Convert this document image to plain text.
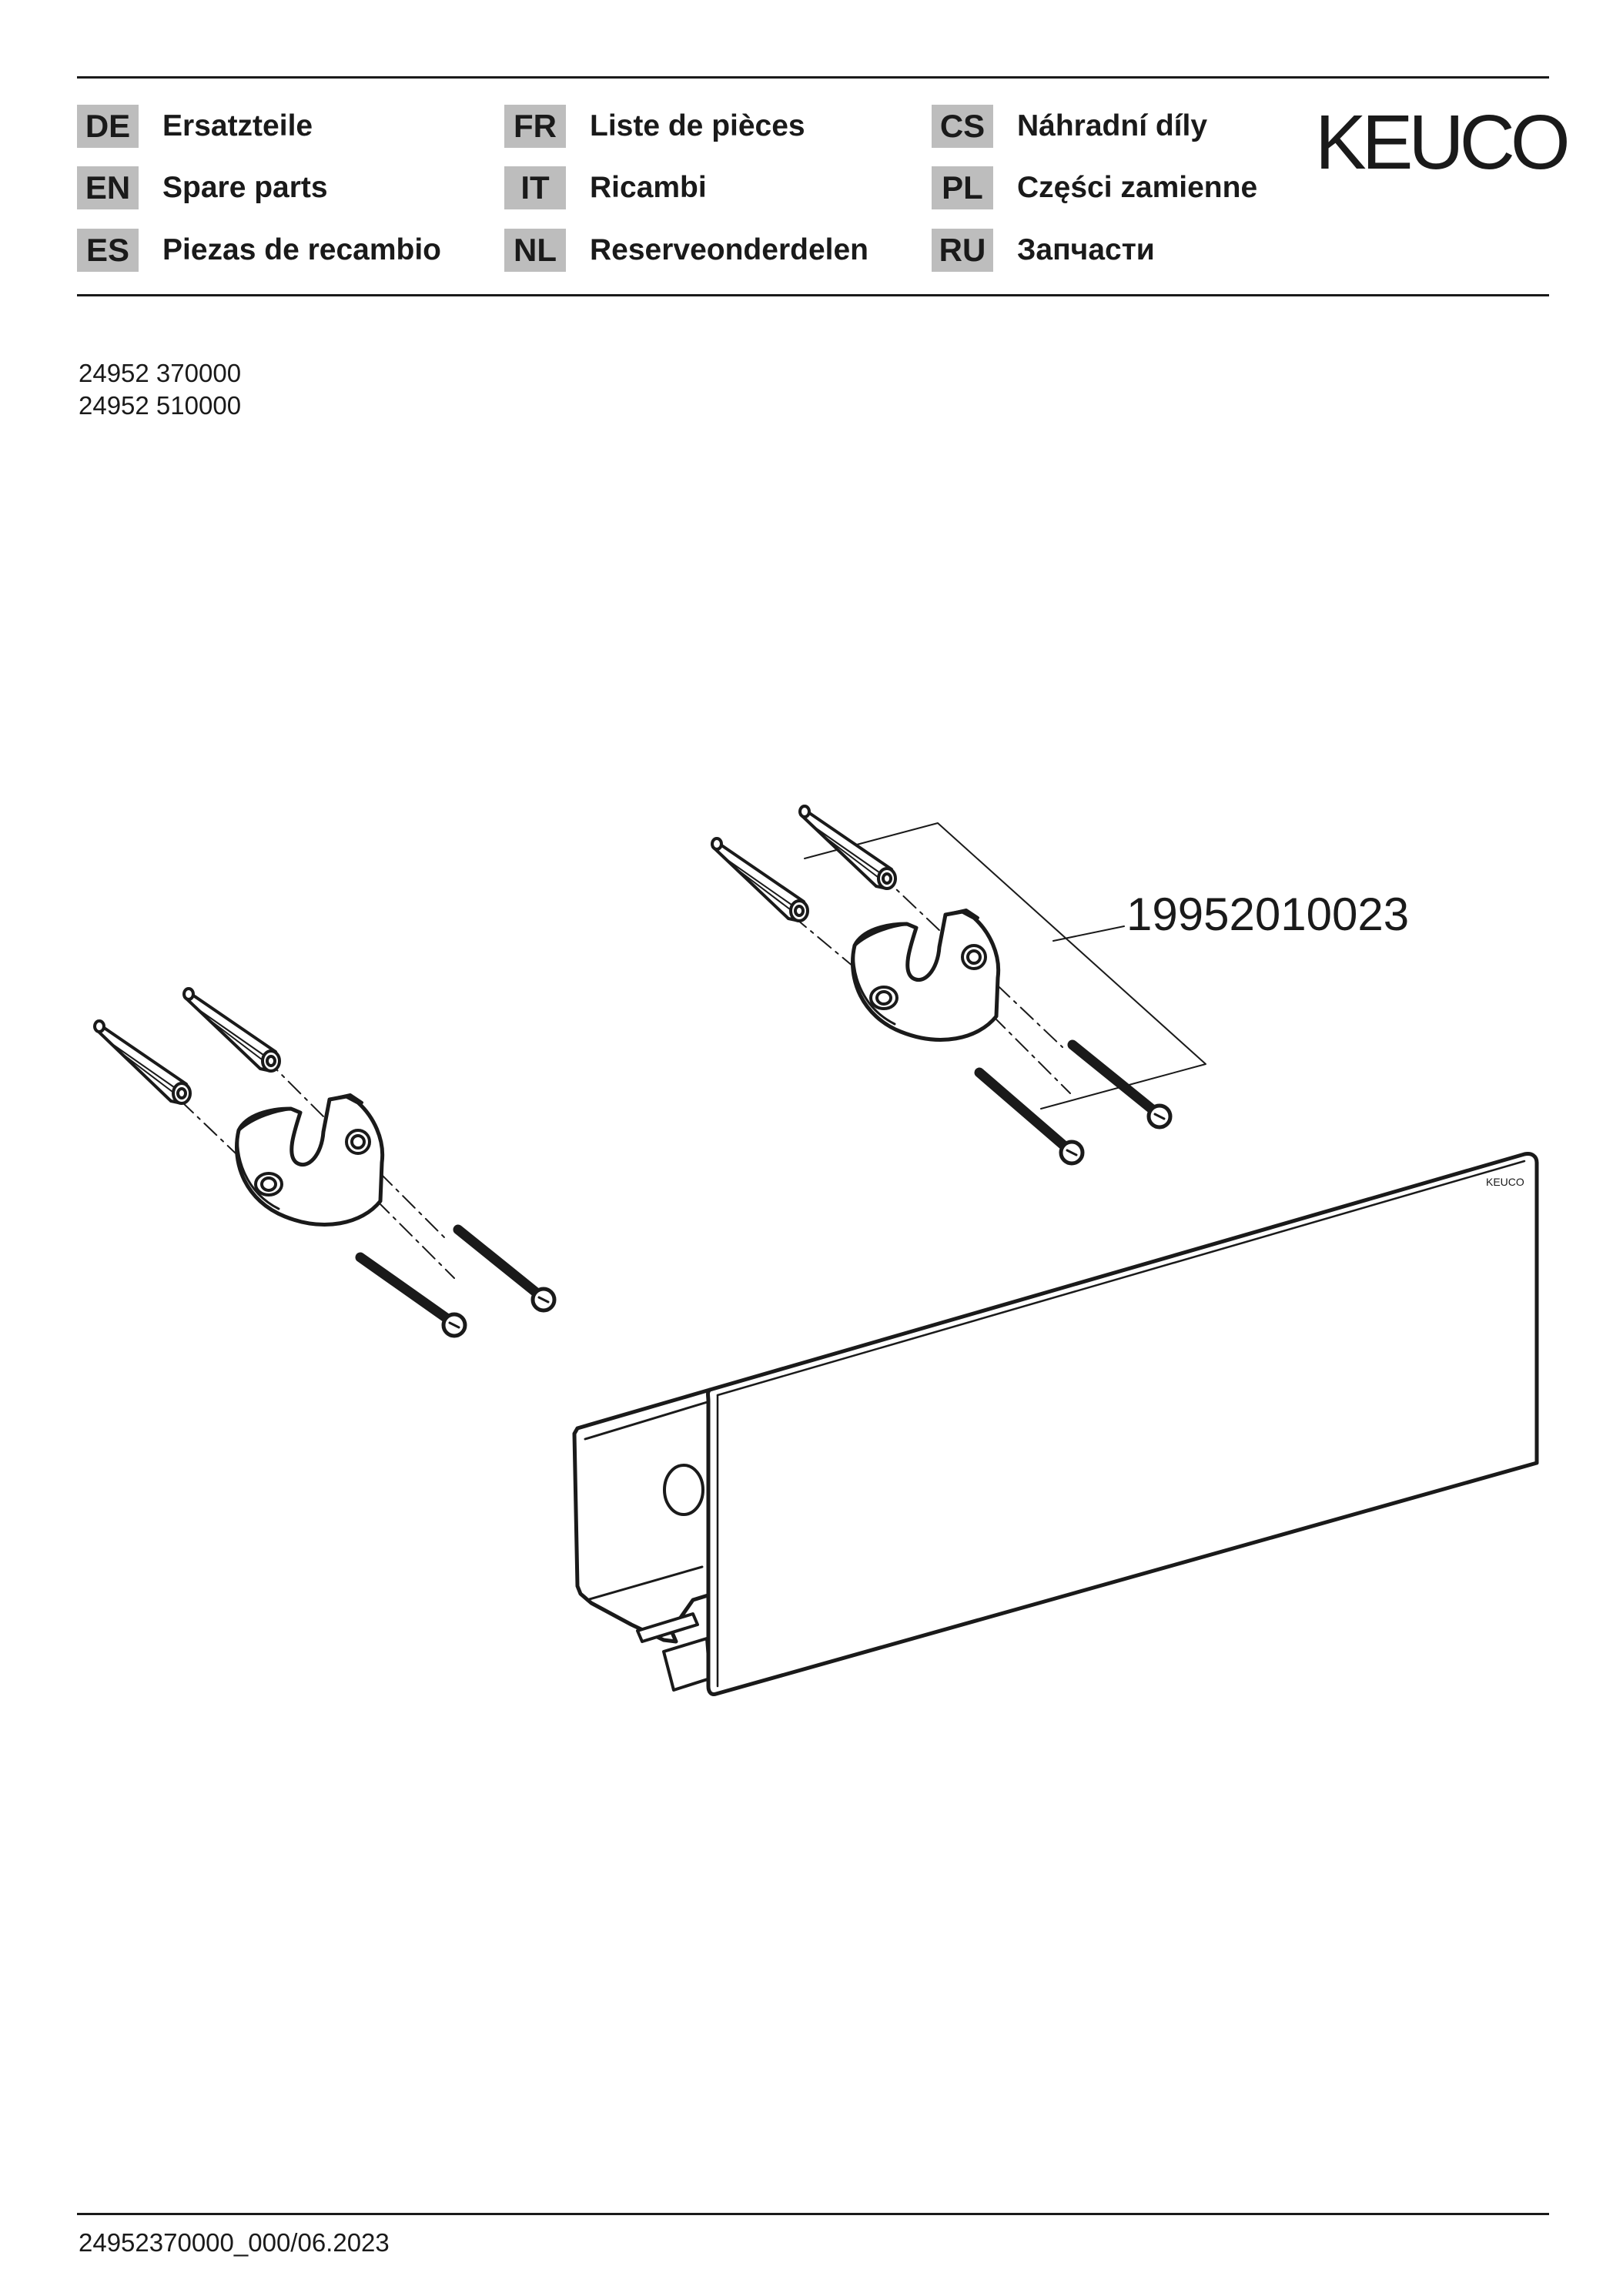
DE Ersatzteile
EN Spare parts
ES	Piezas de recambio
FR	Liste de pièces
IT	Ricambi
NL	Reserveonderdelen
CS Náhradní díly
PL	Części zamienne
RU Запчасти
KEUCO
24952 370000
24952 510000
19952010023
KEUCO
24952370000_000/06.2023
